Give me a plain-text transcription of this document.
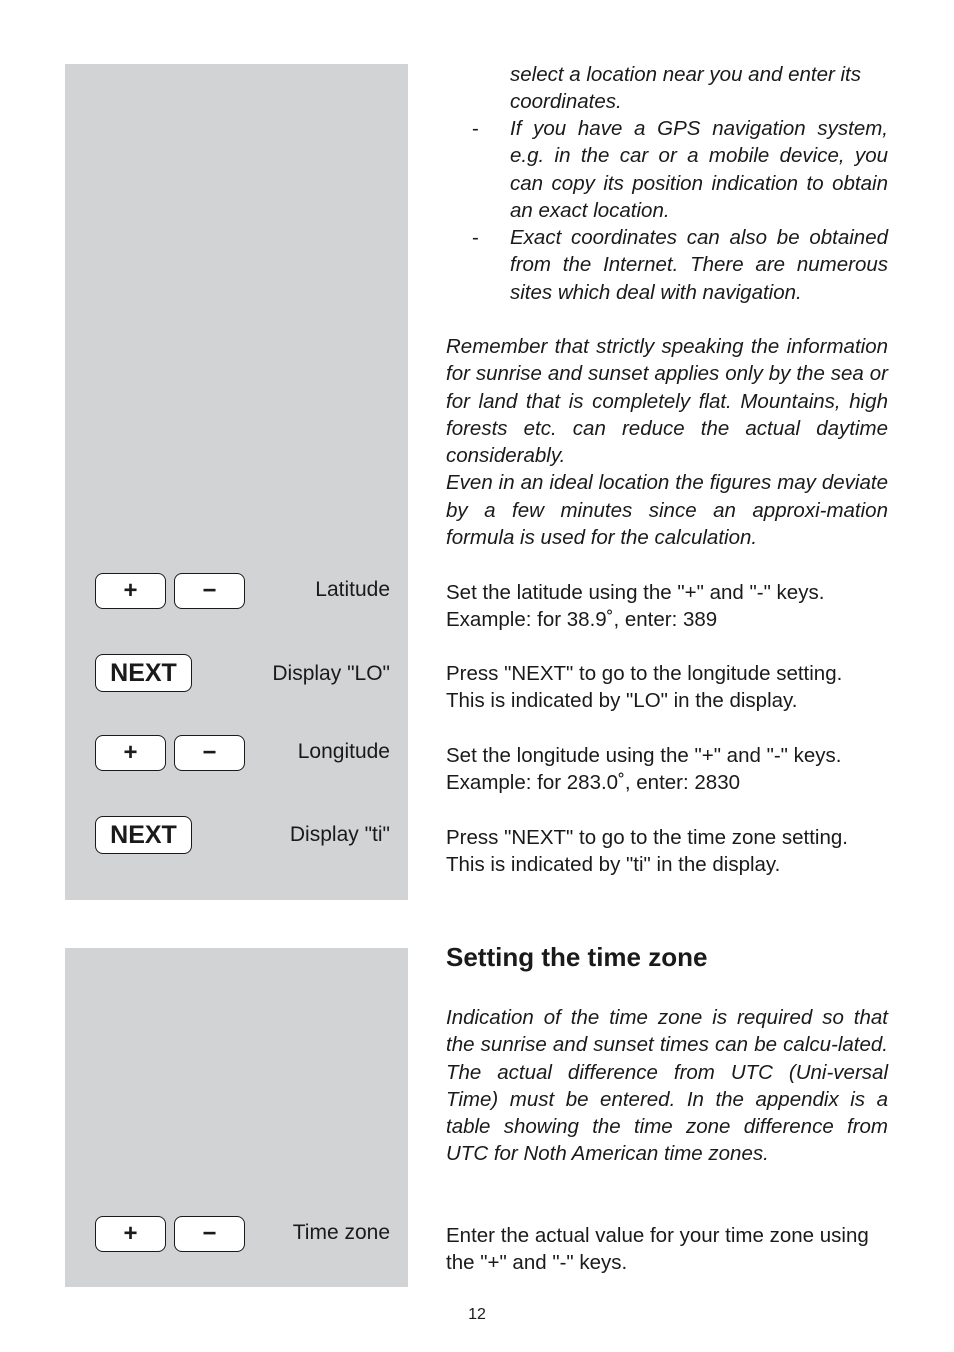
select a location near you and enter its coordinates.
- If you have a GPS navigation system, e.g. in the car or a mobile device, you can copy its position indication to obtain an exact location.
- Exact coordinates can also be obtained from the Internet. There are numerous sites which deal with navigation.

Remember that strictly speaking the information for sunrise and sunset applies only by the sea or for land that is completely flat. Mountains, high forests etc. can reduce the actual daytime considerably.

Even in an ideal location the figures may deviate by a few minutes since an approxi-mation formula is used for the calculation.

+	−	Latitude	Set the latitude using the "+" and "-" keys.
Example: for 38.9˚, enter: 389
NEXT	Display "LO"	Press "NEXT" to go to the longitude setting.
This is indicated by "LO" in the display.
+	−	Longitude	Set the longitude using the "+" and "-" keys.
Example: for 283.0˚, enter: 2830
NEXT	Display "ti"	Press "NEXT" to go to the time zone setting.
This is indicated by "ti" in the display.
Setting the time zone
Indication of the time zone is required so that the sunrise and sunset times can be calcu-lated. The actual difference from UTC (Uni-versal Time) must be entered. In the appendix is a table showing the time zone difference from UTC for Noth American time zones.
+	−	Time zone	Enter the actual value for your time zone using the "+" and "-" keys.
12
